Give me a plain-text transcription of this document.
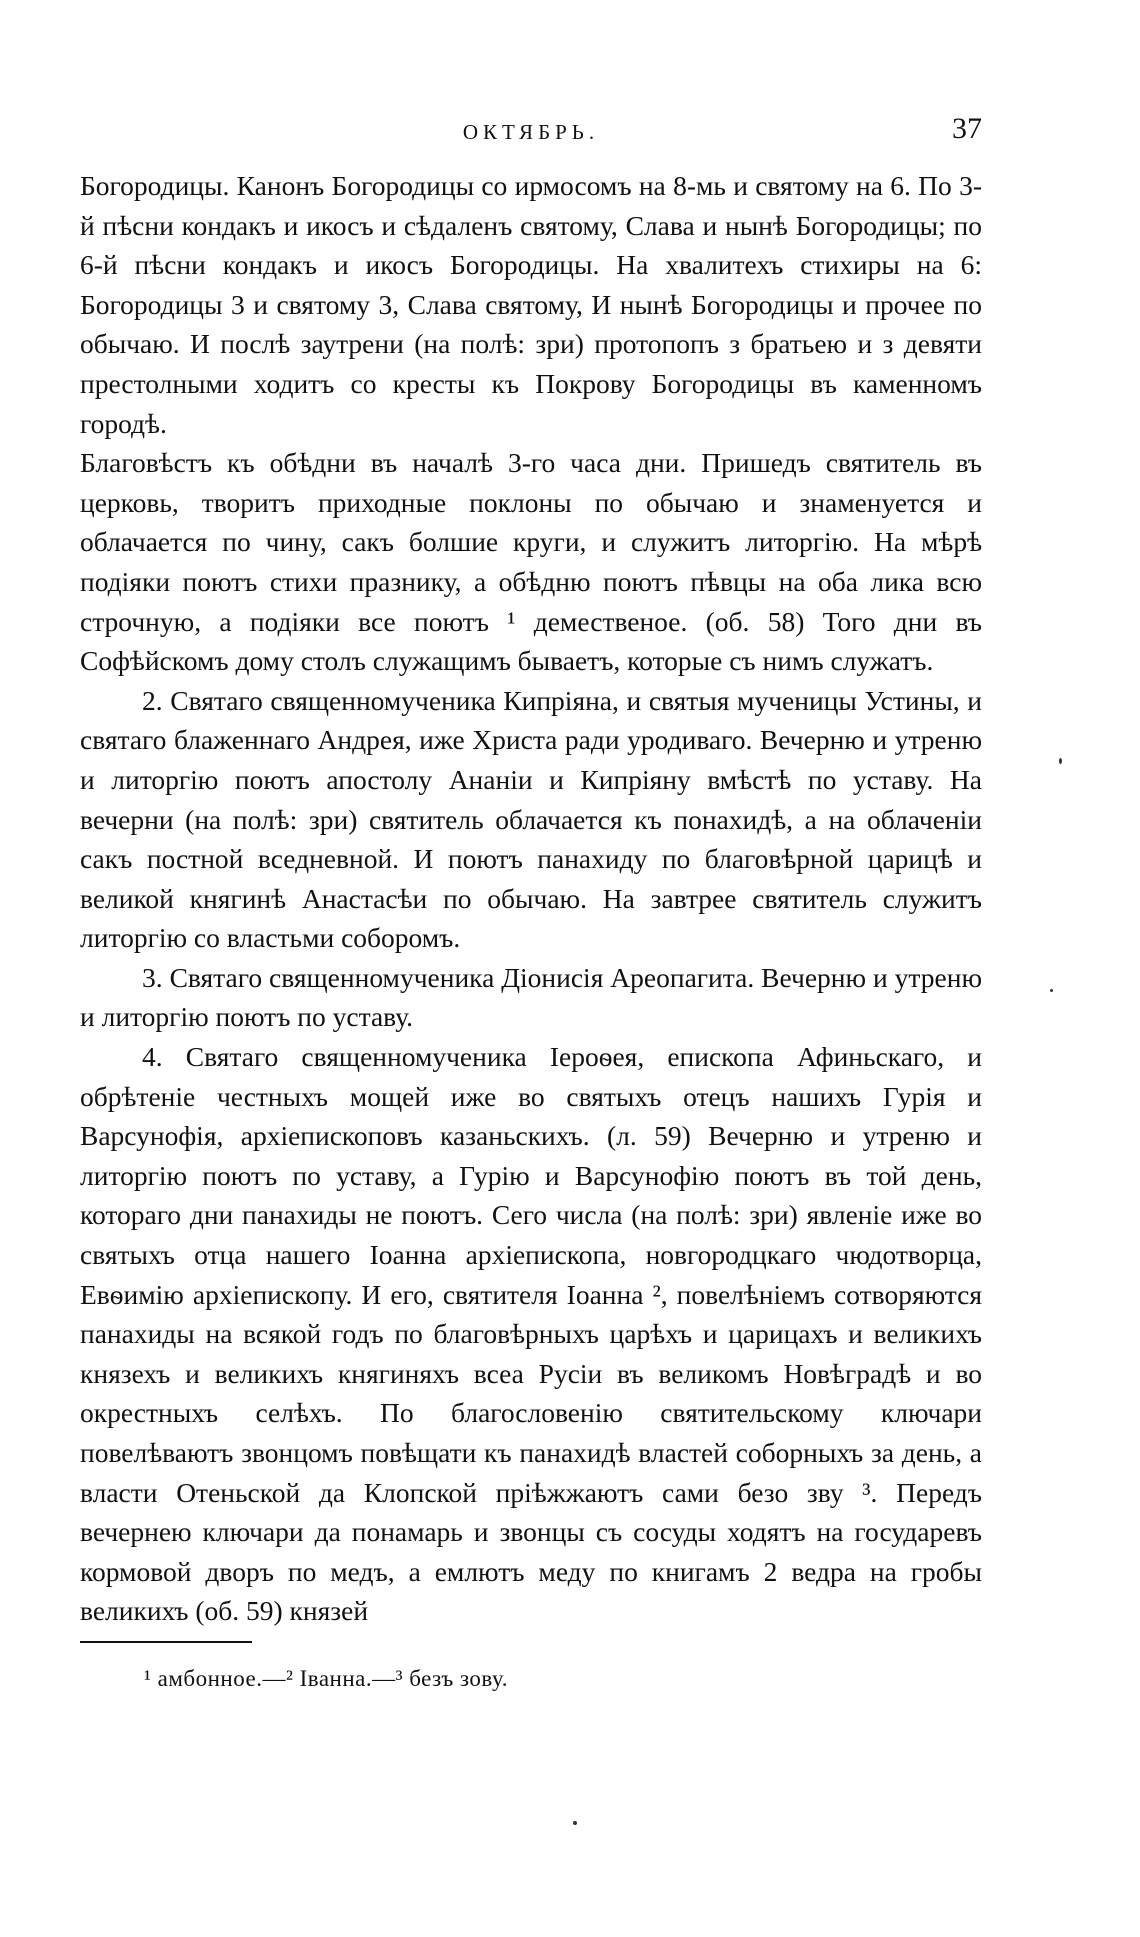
ОКТЯБРЬ.	37

Богородицы. Канонъ Богородицы со ирмосомъ на 8-мь и святому на 6. По 3-й пѣсни кондакъ и икосъ и сѣдаленъ святому, Слава и нынѣ Богородицы; по 6-й пѣсни кондакъ и икосъ Богородицы. На хвалитехъ стихиры на 6: Богородицы 3 и святому 3, Слава святому, И нынѣ Богородицы и прочее по обычаю. И послѣ заутрени (на полѣ: зри) протопопъ з братьею и з девяти престолными ходитъ со кресты къ Покрову Богородицы въ каменномъ городѣ.

Благовѣстъ къ обѣдни въ началѣ 3-го часа дни. Пришедъ святитель въ церковь, творитъ приходные поклоны по обычаю и знаменуется и облачается по чину, сакъ болшие круги, и служитъ литоргію. На мѣрѣ подіяки поютъ стихи празнику, а обѣдню поютъ пѣвцы на оба лика всю строчную, а подіяки все поютъ ¹ демественое. (об. 58) Того дни въ Софѣйскомъ дому столъ служащимъ бываетъ, которые съ нимъ служатъ.

2. Святаго священномученика Кипріяна, и святыя мученицы Устины, и святаго блаженнаго Андрея, иже Христа ради уродиваго. Вечерню и утреню и литоргію поютъ апостолу Ананіи и Кипріяну вмѣстѣ по уставу. На вечерни (на полѣ: зри) святитель облачается къ понахидѣ, а на облаченіи сакъ постной вседневной. И поютъ панахиду по благовѣрной царицѣ и великой княгинѣ Анастасѣи по обычаю. На завтрее святитель служитъ литоргію со властьми соборомъ.

3. Святаго священномученика Діонисія Ареопагита. Вечерню и утреню и литоргію поютъ по уставу.

4. Святаго священномученика Іероѳея, епископа Афиньскаго, и обрѣтеніе честныхъ мощей иже во святыхъ отецъ нашихъ Гурія и Варсунофія, архіепископовъ казаньскихъ. (л. 59) Вечерню и утреню и литоргію поютъ по уставу, а Гурію и Варсунофію поютъ въ той день, котораго дни панахиды не поютъ. Сего числа (на полѣ: зри) явленіе иже во святыхъ отца нашего Іоанна архіепископа, новгородцкаго чюдотворца, Евѳимію архіепископу. И его, святителя Іоанна ², повелѣніемъ сотворяются панахиды на всякой годъ по благовѣрныхъ царѣхъ и царицахъ и великихъ князехъ и великихъ княгиняхъ всеа Русіи въ великомъ Новѣградѣ и во окрестныхъ селѣхъ. По благословенію святительскому ключари повелѣваютъ звонцомъ повѣщати къ панахидѣ властей соборныхъ за день, а власти Отеньской да Клопской пріѣжжаютъ сами безо зву ³. Передъ вечернею ключари да понамарь и звонцы съ сосуды ходятъ на государевъ кормовой дворъ по медъ, а емлютъ меду по книгамъ 2 ведра на гробы великихъ (об. 59) князей

¹ амбонное.—² Іванна.—³ безъ зову.
